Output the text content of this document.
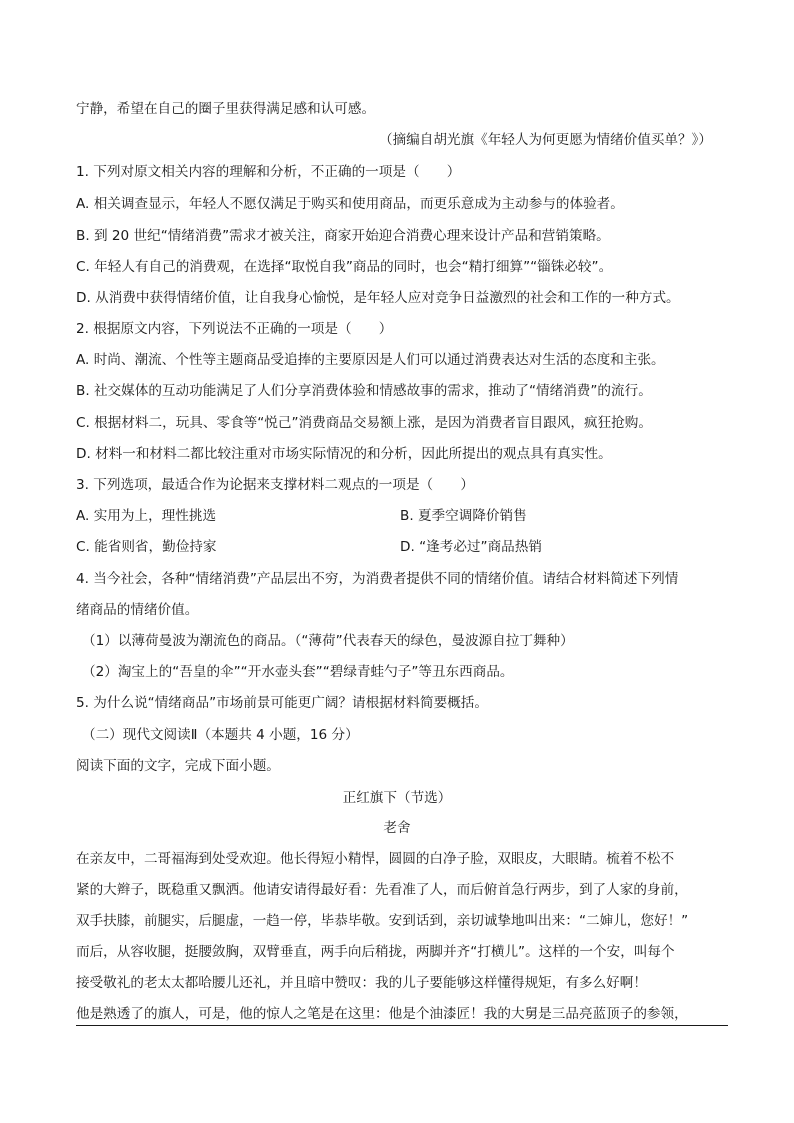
宁静，希望在自己的圈子里获得满足感和认可感。
（摘编自胡光旗《年轻人为何更愿为情绪价值买单？》）
1. 下列对原文相关内容的理解和分析，不正确的一项是（　　）
A. 相关调查显示，年轻人不愿仅满足于购买和使用商品，而更乐意成为主动参与的体验者。
B. 到 20 世纪“情绪消费”需求才被关注，商家开始迎合消费心理来设计产品和营销策略。
C. 年轻人有自己的消费观，在选择“取悦自我”商品的同时，也会“精打细算”“锱铢必较”。
D. 从消费中获得情绪价值，让自我身心愉悦，是年轻人应对竞争日益激烈的社会和工作的一种方式。
2. 根据原文内容，下列说法不正确的一项是（　　）
A. 时尚、潮流、个性等主题商品受追捧的主要原因是人们可以通过消费表达对生活的态度和主张。
B. 社交媒体的互动功能满足了人们分享消费体验和情感故事的需求，推动了“情绪消费”的流行。
C. 根据材料二，玩具、零食等“悦己”消费商品交易额上涨，是因为消费者盲目跟风，疯狂抢购。
D. 材料一和材料二都比较注重对市场实际情况的和分析，因此所提出的观点具有真实性。
3. 下列选项，最适合作为论据来支撑材料二观点的一项是（　　）
A. 实用为上，理性挑选	B. 夏季空调降价销售
C. 能省则省，勤俭持家	D. “逢考必过”商品热销
4. 当今社会，各种“情绪消费”产品层出不穷，为消费者提供不同的情绪价值。请结合材料简述下列情
绪商品的情绪价值。
（1）以薄荷曼波为潮流色的商品。（“薄荷”代表春天的绿色，曼波源自拉丁舞种）
（2）淘宝上的“吾皇的伞”“开水壶头套”“碧绿青蛙勺子”等丑东西商品。
5. 为什么说“情绪商品”市场前景可能更广阔？请根据材料简要概括。
（二）现代文阅读Ⅱ（本题共 4 小题，16 分）
阅读下面的文字，完成下面小题。
正红旗下（节选）
老舍
在亲友中，二哥福海到处受欢迎。他长得短小精悍，圆圆的白净子脸，双眼皮，大眼睛。梳着不松不
紧的大辫子，既稳重又飘洒。他请安请得最好看：先看准了人，而后俯首急行两步，到了人家的身前，
双手扶膝，前腿实，后腿虚，一趋一停，毕恭毕敬。安到话到，亲切诚挚地叫出来：“二婶儿，您好！”
而后，从容收腿，挺腰敛胸，双臂垂直，两手向后稍拢，两脚并齐“打横儿”。这样的一个安，叫每个
接受敬礼的老太太都哈腰儿还礼，并且暗中赞叹：我的儿子要能够这样懂得规矩，有多么好啊！
他是熟透了的旗人，可是，他的惊人之笔是在这里：他是个油漆匠！我的大舅是三品亮蓝顶子的参领，
